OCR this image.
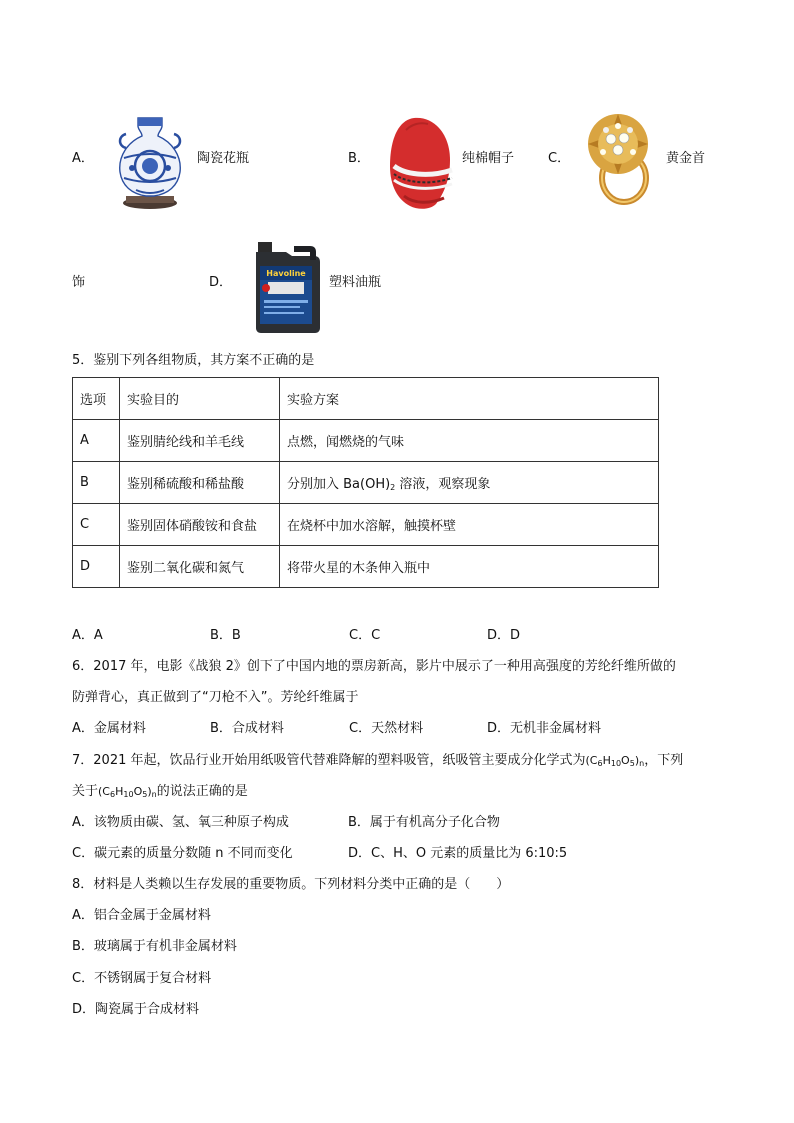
A．	陶瓷花瓶	B．	纯棉帽子	C．	黄金首
饰	D．
Havoline
塑料油瓶
5．鉴别下列各组物质，其方案不正确的是
选项	实验目的	实验方案
A	鉴别腈纶线和羊毛线	点燃，闻燃烧的气味
B	鉴别稀硫酸和稀盐酸	分别加入 $Ba(OH)_2$ 溶液，观察现象
C	鉴别固体硝酸铵和食盐	在烧杯中加水溶解，触摸杯壁
D	鉴别二氧化碳和氮气	将带火星的木条伸入瓶中
A．A	B．B	C．C	D．D
6．2017 年，电影《战狼 2》创下了中国内地的票房新高，影片中展示了一种用高强度的芳纶纤维所做的
防弹背心，真正做到了“刀枪不入”。芳纶纤维属于
A．金属材料	B．合成材料	C．天然材料	D．无机非金属材料
7．2021 年起，饮品行业开始用纸吸管代替难降解的塑料吸管，纸吸管主要成分化学式为$(C_6H_{10}O_5)_n$，下列
关于$(C_6H_{10}O_5)_n$的说法正确的是
A．该物质由碳、氢、氧三种原子构成	B．属于有机高分子化合物
C．碳元素的质量分数随 n 不同而变化	D．C、H、O 元素的质量比为 6:10:5
8．材料是人类赖以生存发展的重要物质。下列材料分类中正确的是（　　）
A．铝合金属于金属材料
B．玻璃属于有机非金属材料
C．不锈钢属于复合材料
D．陶瓷属于合成材料
